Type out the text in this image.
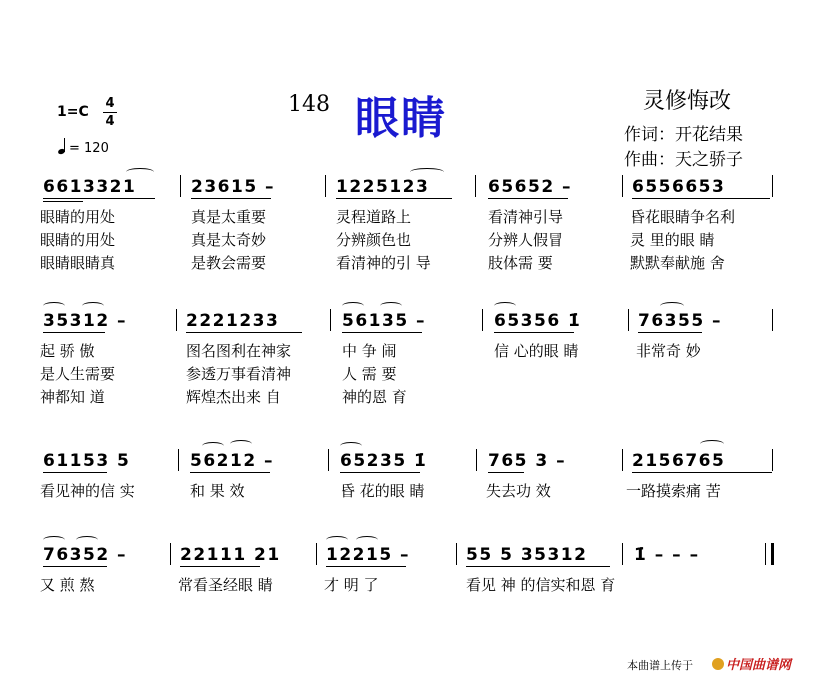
1=C
4
4
= 120
148 眼睛	灵修悔改
作词：开花结果
作曲：天之骄子
6613321	23615 –	1225123	65652 –	6556653
眼睛的用处	真是太重要	灵程道路上	看清神引导	昏花眼睛争名利
眼睛的用处	真是太奇妙	分辨颜色也	分辨人假冒	灵 里的眼 睛
眼睛眼睛真	是教会需要	看清神的引 导	肢体需 要	默默奉献施 舍
35312 –	2221233	56135 –	65356 1̇	76355 –
起 骄 傲	图名图利在神家	中 争 闹	信 心的眼 睛	非常奇 妙
是人生需要	参透万事看清神	人 需 要
神都知 道	辉煌杰出来 自	神的恩 育
61153 5	56212 –	65235 1̇	765 3 –	2156765
看见神的信 实	和 果 效	昏 花的眼 睛	失去功 效	一路摸索痛 苦
76352 –	22111 21	12215 –	55 5 35312	1̇ – – –
又 煎 熬	常看圣经眼 睛	才 明 了	看见 神 的信实和恩 育
本曲谱上传于	中国曲谱网
